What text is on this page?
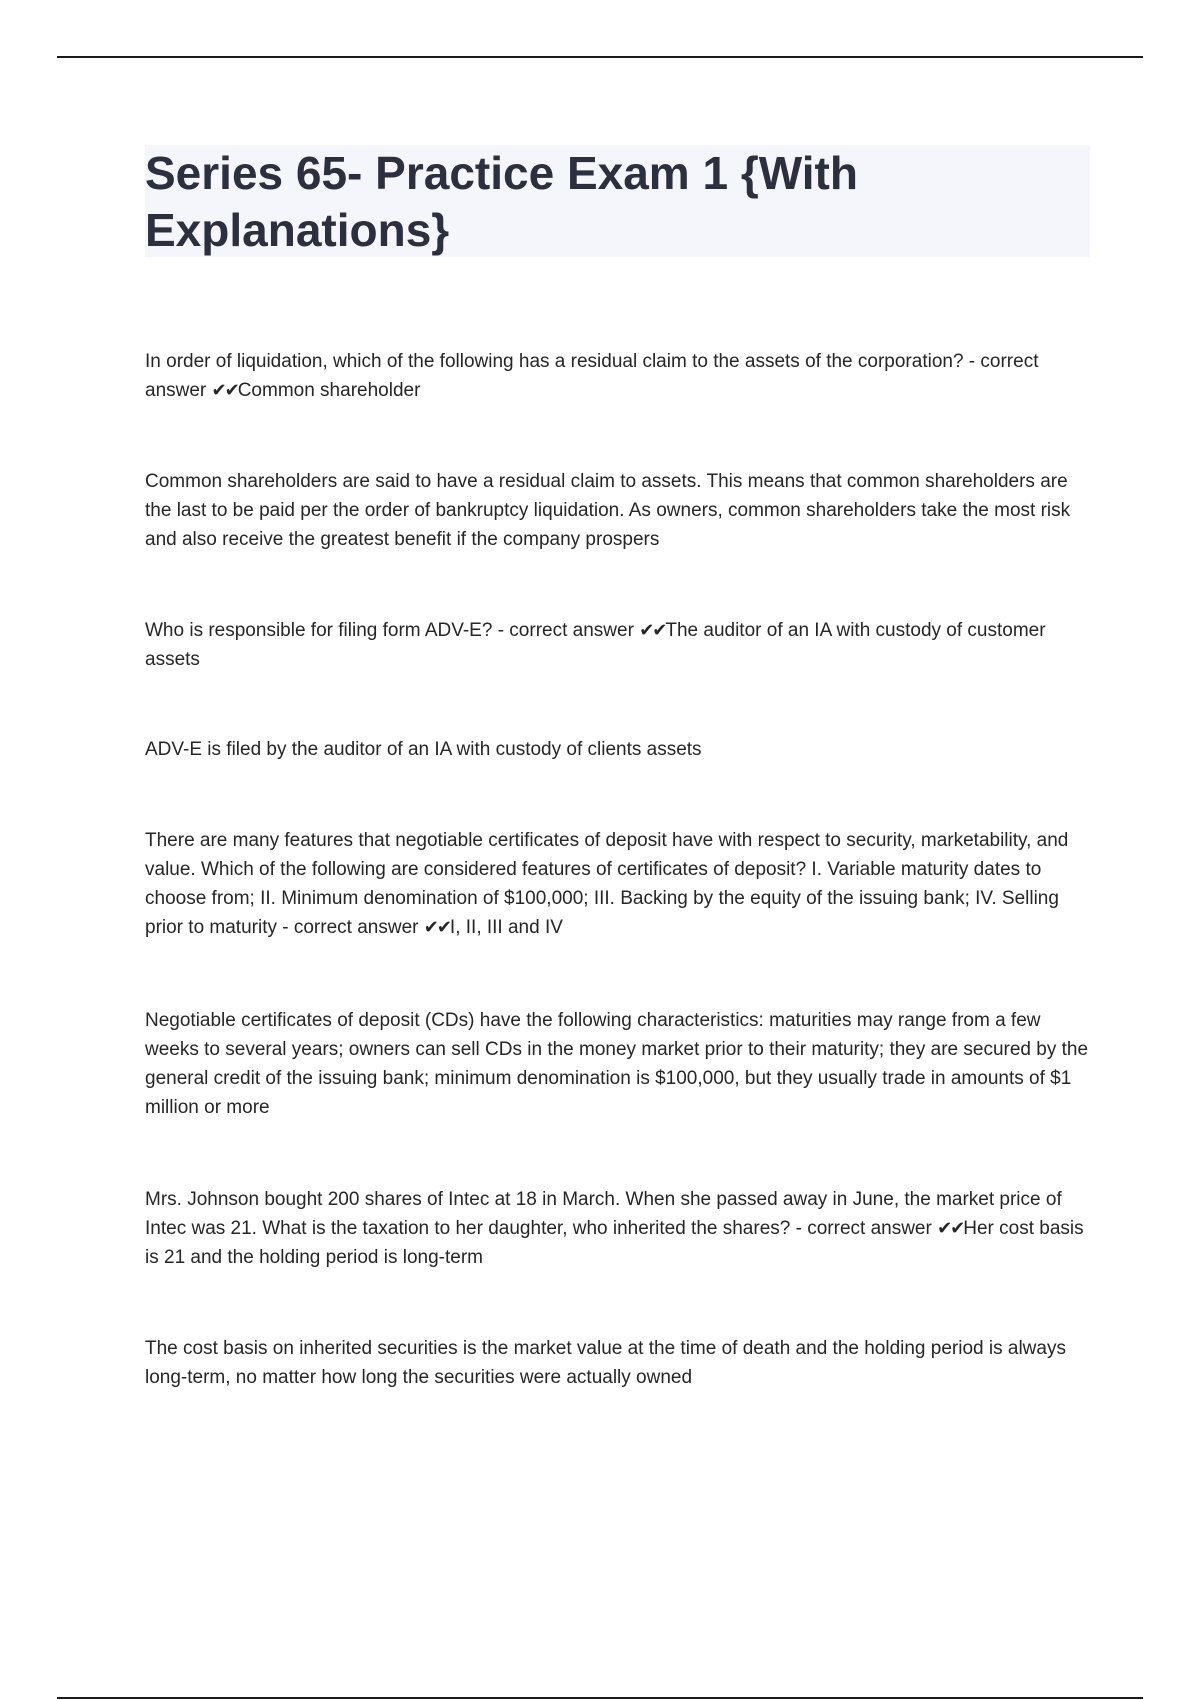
Series 65- Practice Exam 1 {With Explanations}

In order of liquidation, which of the following has a residual claim to the assets of the corporation? - correct answer ✔✔Common shareholder

Common shareholders are said to have a residual claim to assets. This means that common shareholders are the last to be paid per the order of bankruptcy liquidation. As owners, common shareholders take the most risk and also receive the greatest benefit if the company prospers

Who is responsible for filing form ADV-E? - correct answer ✔✔The auditor of an IA with custody of customer assets

ADV-E is filed by the auditor of an IA with custody of clients assets

There are many features that negotiable certificates of deposit have with respect to security, marketability, and value. Which of the following are considered features of certificates of deposit? I. Variable maturity dates to choose from; II. Minimum denomination of $100,000; III. Backing by the equity of the issuing bank; IV. Selling prior to maturity - correct answer ✔✔I, II, III and IV

Negotiable certificates of deposit (CDs) have the following characteristics: maturities may range from a few weeks to several years; owners can sell CDs in the money market prior to their maturity; they are secured by the general credit of the issuing bank; minimum denomination is $100,000, but they usually trade in amounts of $1 million or more

Mrs. Johnson bought 200 shares of Intec at 18 in March. When she passed away in June, the market price of Intec was 21. What is the taxation to her daughter, who inherited the shares? - correct answer ✔✔Her cost basis is 21 and the holding period is long-term

The cost basis on inherited securities is the market value at the time of death and the holding period is always long-term, no matter how long the securities were actually owned
